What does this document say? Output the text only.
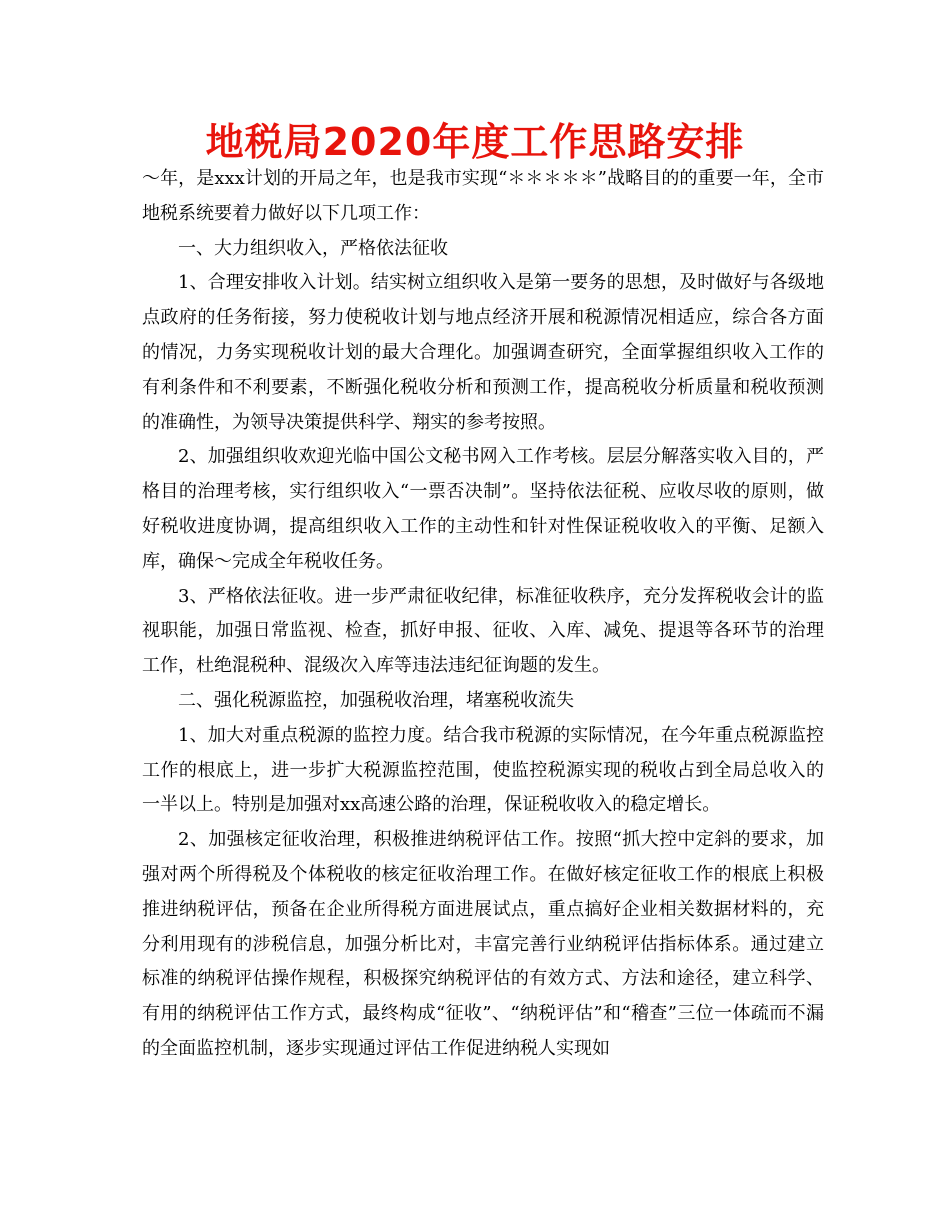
地税局2020年度工作思路安排

～年，是xxx计划的开局之年，也是我市实现“＊＊＊＊＊”战略目的的重要一年，全市地税系统要着力做好以下几项工作：

一、大力组织收入，严格依法征收

1、合理安排收入计划。结实树立组织收入是第一要务的思想，及时做好与各级地点政府的任务衔接，努力使税收计划与地点经济开展和税源情况相适应，综合各方面的情况，力务实现税收计划的最大合理化。加强调查研究，全面掌握组织收入工作的有利条件和不利要素，不断强化税收分析和预测工作，提高税收分析质量和税收预测的准确性，为领导决策提供科学、翔实的参考按照。

2、加强组织收欢迎光临中国公文秘书网入工作考核。层层分解落实收入目的，严格目的治理考核，实行组织收入“一票否决制”。坚持依法征税、应收尽收的原则，做好税收进度协调，提高组织收入工作的主动性和针对性保证税收收入的平衡、足额入库，确保～完成全年税收任务。

3、严格依法征收。进一步严肃征收纪律，标准征收秩序，充分发挥税收会计的监视职能，加强日常监视、检查，抓好申报、征收、入库、减免、提退等各环节的治理工作，杜绝混税种、混级次入库等违法违纪征询题的发生。

二、强化税源监控，加强税收治理，堵塞税收流失

1、加大对重点税源的监控力度。结合我市税源的实际情况，在今年重点税源监控工作的根底上，进一步扩大税源监控范围，使监控税源实现的税收占到全局总收入的一半以上。特别是加强对xx高速公路的治理，保证税收收入的稳定增长。

2、加强核定征收治理，积极推进纳税评估工作。按照“抓大控中定斜的要求，加强对两个所得税及个体税收的核定征收治理工作。在做好核定征收工作的根底上积极推进纳税评估，预备在企业所得税方面进展试点，重点搞好企业相关数据材料的，充分利用现有的涉税信息，加强分析比对，丰富完善行业纳税评估指标体系。通过建立标准的纳税评估操作规程，积极探究纳税评估的有效方式、方法和途径，建立科学、有用的纳税评估工作方式，最终构成“征收”、“纳税评估”和“稽查”三位一体疏而不漏的全面监控机制，逐步实现通过评估工作促进纳税人实现如
